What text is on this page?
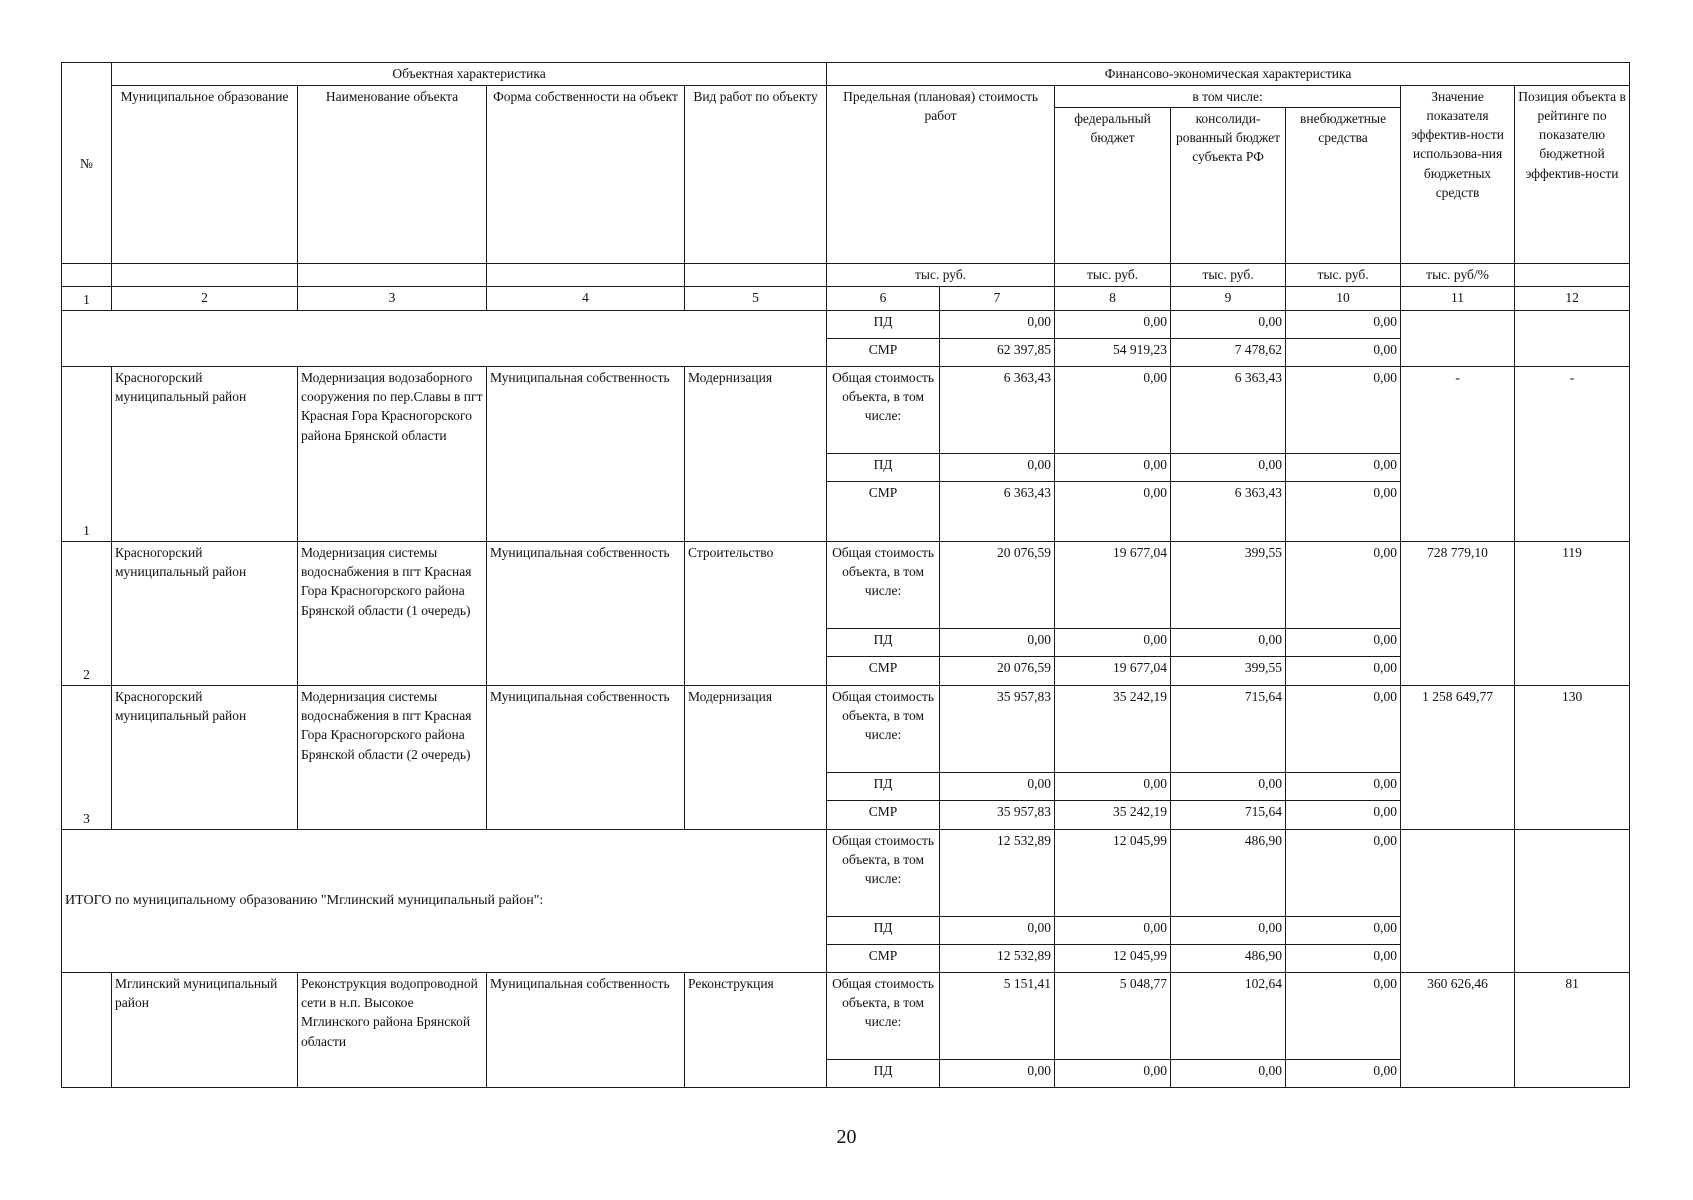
№	Объектная характеристика				Финансово-экономическая характеристика						
	Муниципальное образование	Наименование объекта	Форма собственности на объект	Вид работ по объекту	Предельная (плановая) стоимость работ		в том числе:			Значение показателя эффектив-ности использова-ния бюджетных средств	Позиция объекта в рейтинге по показателю бюджетной эффектив-ности
							федеральный бюджет	консолиди-рованный бюджет субъекта РФ	внебюджетные средства		
					тыс. руб.		тыс. руб.	тыс. руб.	тыс. руб.	тыс. руб/%	
1	2	3	4	5	6	7	8	9	10	11	12
					ПД	0,00	0,00	0,00	0,00		
					СМР	62 397,85	54 919,23	7 478,62	0,00		
1	Красногорский муниципальный район	Модернизация водозаборного сооружения по пер.Славы в пгт Красная Гора Красногорского района Брянской области	Муниципальная собственность	Модернизация	Общая стоимость объекта, в том числе:	6 363,43	0,00	6 363,43	0,00	-	-
					ПД	0,00	0,00	0,00	0,00		
					СМР	6 363,43	0,00	6 363,43	0,00		
2	Красногорский муниципальный район	Модернизация системы водоснабжения в пгт Красная Гора Красногорского района Брянской области (1 очередь)	Муниципальная собственность	Строительство	Общая стоимость объекта, в том числе:	20 076,59	19 677,04	399,55	0,00	728 779,10	119
					ПД	0,00	0,00	0,00	0,00		
					СМР	20 076,59	19 677,04	399,55	0,00		
3	Красногорский муниципальный район	Модернизация системы водоснабжения в пгт Красная Гора Красногорского района Брянской области (2 очередь)	Муниципальная собственность	Модернизация	Общая стоимость объекта, в том числе:	35 957,83	35 242,19	715,64	0,00	1 258 649,77	130
					ПД	0,00	0,00	0,00	0,00		
					СМР	35 957,83	35 242,19	715,64	0,00		
ИТОГО по муниципальному образованию "Мглинский муниципальный район":					Общая стоимость объекта, в том числе:	12 532,89	12 045,99	486,90	0,00		
					ПД	0,00	0,00	0,00	0,00		
					СМР	12 532,89	12 045,99	486,90	0,00		
	Мглинский муниципальный район	Реконструкция водопроводной сети в н.п. Высокое Мглинского района Брянской области	Муниципальная собственность	Реконструкция	Общая стоимость объекта, в том числе:	5 151,41	5 048,77	102,64	0,00	360 626,46	81
					ПД	0,00	0,00	0,00	0,00		
20
